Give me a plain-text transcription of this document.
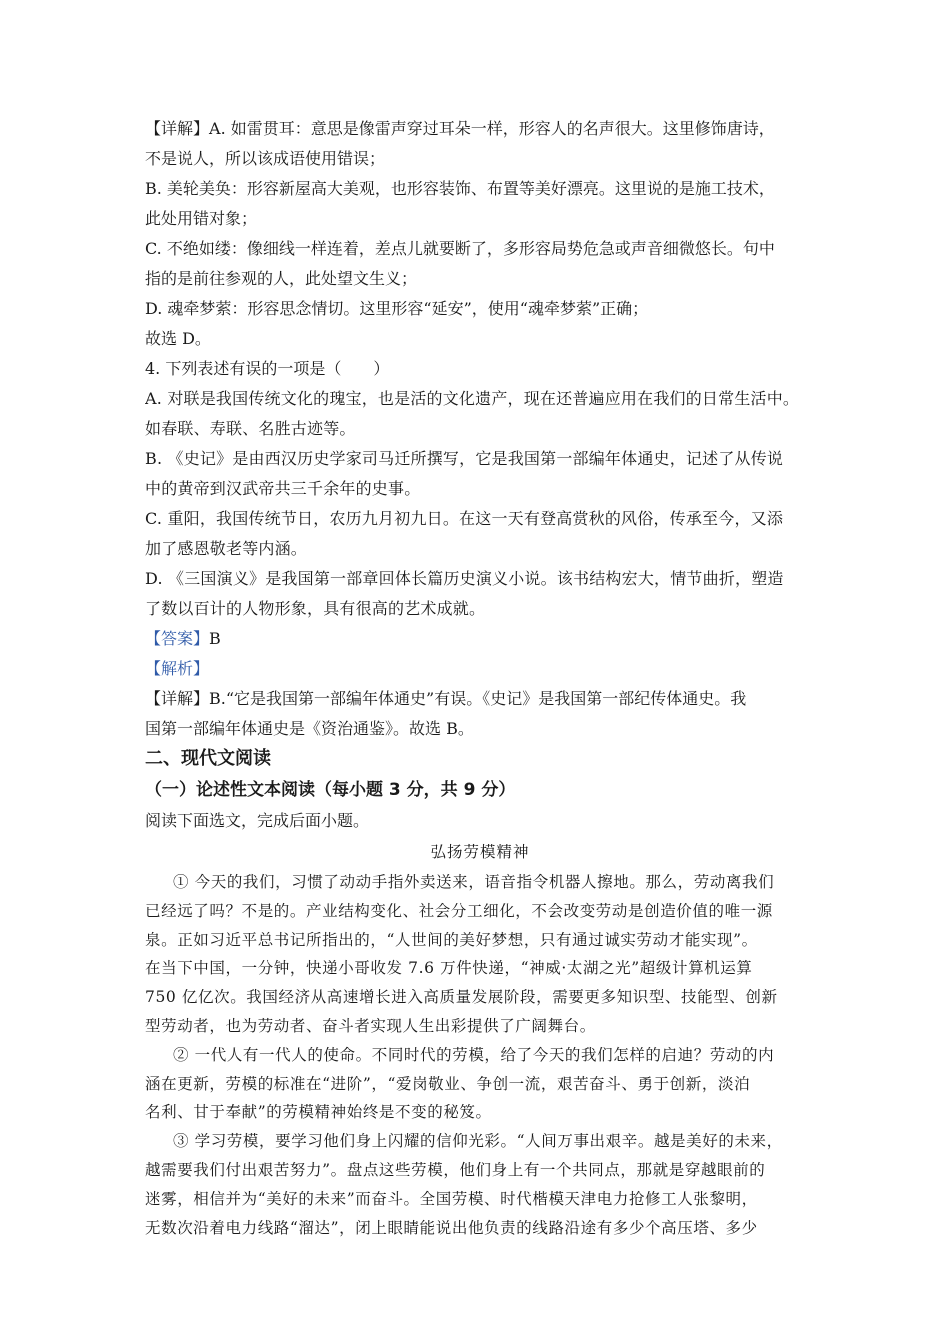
【详解】A. 如雷贯耳：意思是像雷声穿过耳朵一样，形容人的名声很大。这里修饰唐诗，
不是说人，所以该成语使用错误；
B. 美轮美奂：形容新屋高大美观，也形容装饰、布置等美好漂亮。这里说的是施工技术，
此处用错对象；
C. 不绝如缕：像细线一样连着，差点儿就要断了，多形容局势危急或声音细微悠长。句中
指的是前往参观的人，此处望文生义；
D. 魂牵梦萦：形容思念情切。这里形容“延安”，使用“魂牵梦萦”正确；
故选 D。
4. 下列表述有误的一项是（　　）
A. 对联是我国传统文化的瑰宝，也是活的文化遗产，现在还普遍应用在我们的日常生活中。
如春联、寿联、名胜古迹等。
B. 《史记》是由西汉历史学家司马迁所撰写，它是我国第一部编年体通史，记述了从传说
中的黄帝到汉武帝共三千余年的史事。
C. 重阳，我国传统节日，农历九月初九日。在这一天有登高赏秋的风俗，传承至今，又添
加了感恩敬老等内涵。
D. 《三国演义》是我国第一部章回体长篇历史演义小说。该书结构宏大，情节曲折，塑造
了数以百计的人物形象，具有很高的艺术成就。
【答案】B
【解析】
【详解】B.“它是我国第一部编年体通史”有误。《史记》是我国第一部纪传体通史。我
国第一部编年体通史是《资治通鉴》。故选 B。
二、现代文阅读
（一）论述性文本阅读（每小题 3 分，共 9 分）
阅读下面选文，完成后面小题。
弘扬劳模精神
① 今天的我们，习惯了动动手指外卖送来，语音指令机器人擦地。那么，劳动离我们
已经远了吗？不是的。产业结构变化、社会分工细化，不会改变劳动是创造价值的唯一源
泉。正如习近平总书记所指出的，“人世间的美好梦想，只有通过诚实劳动才能实现”。
在当下中国，一分钟，快递小哥收发 7.6 万件快递，“神威·太湖之光”超级计算机运算
750 亿亿次。我国经济从高速增长进入高质量发展阶段，需要更多知识型、技能型、创新
型劳动者，也为劳动者、奋斗者实现人生出彩提供了广阔舞台。
② 一代人有一代人的使命。不同时代的劳模，给了今天的我们怎样的启迪？劳动的内
涵在更新，劳模的标准在“进阶”，“爱岗敬业、争创一流，艰苦奋斗、勇于创新，淡泊
名利、甘于奉献”的劳模精神始终是不变的秘笈。
③ 学习劳模，要学习他们身上闪耀的信仰光彩。“人间万事出艰辛。越是美好的未来，
越需要我们付出艰苦努力”。盘点这些劳模，他们身上有一个共同点，那就是穿越眼前的
迷雾，相信并为“美好的未来”而奋斗。全国劳模、时代楷模天津电力抢修工人张黎明，
无数次沿着电力线路“溜达”，闭上眼睛能说出他负责的线路沿途有多少个高压塔、多少
